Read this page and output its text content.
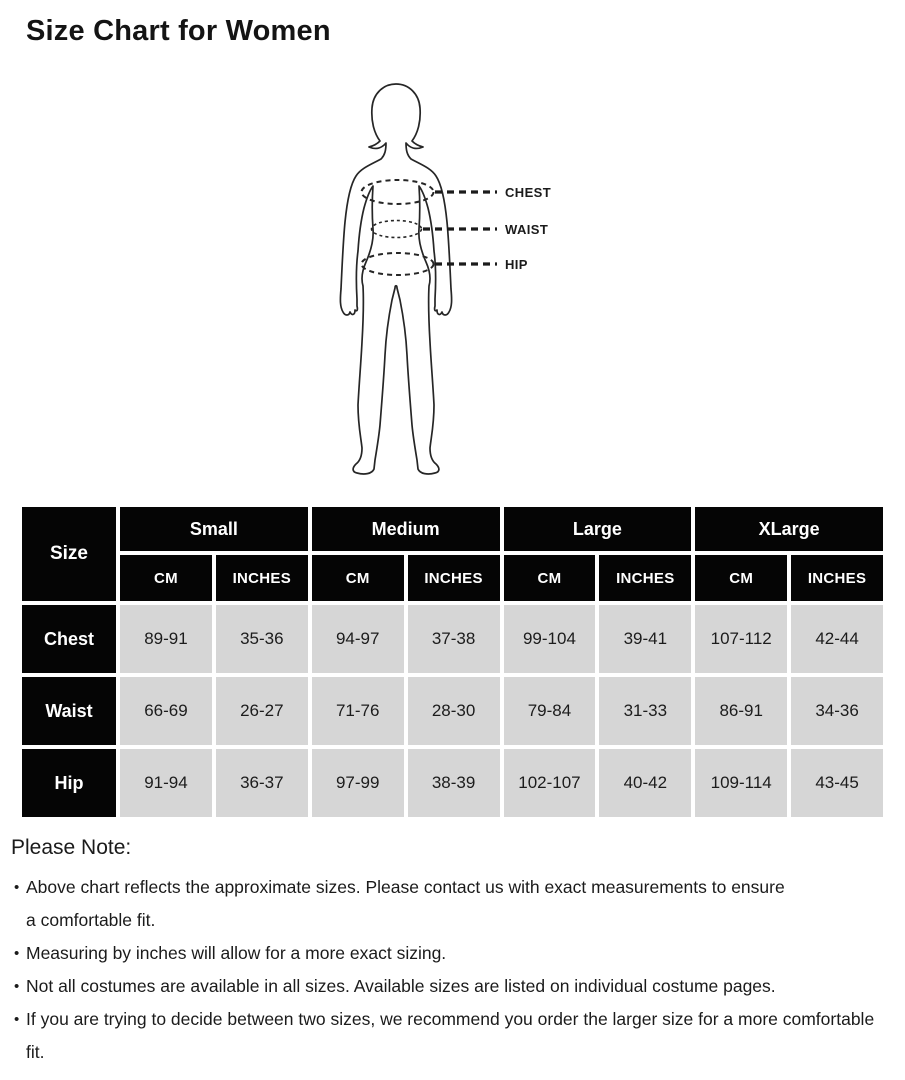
Size Chart for Women
CHEST
WAIST
HIP
Size
Small	Medium	Large	XLarge
CM	INCHES	CM	INCHES	CM	INCHES	CM	INCHES
Chest	89-91	35-36	94-97	37-38	99-104	39-41	107-112	42-44
Waist	66-69	26-27	71-76	28-30	79-84	31-33	86-91	34-36
Hip	91-94	36-37	97-99	38-39	102-107	40-42	109-114	43-45
Please Note:
• Above chart reflects the approximate sizes. Please contact us with exact measurements to ensure a comfortable fit.
• Measuring by inches will allow for a more exact sizing.
• Not all costumes are available in all sizes. Available sizes are listed on individual costume pages.
• If you are trying to decide between two sizes, we recommend you order the larger size for a more comfortable fit.
